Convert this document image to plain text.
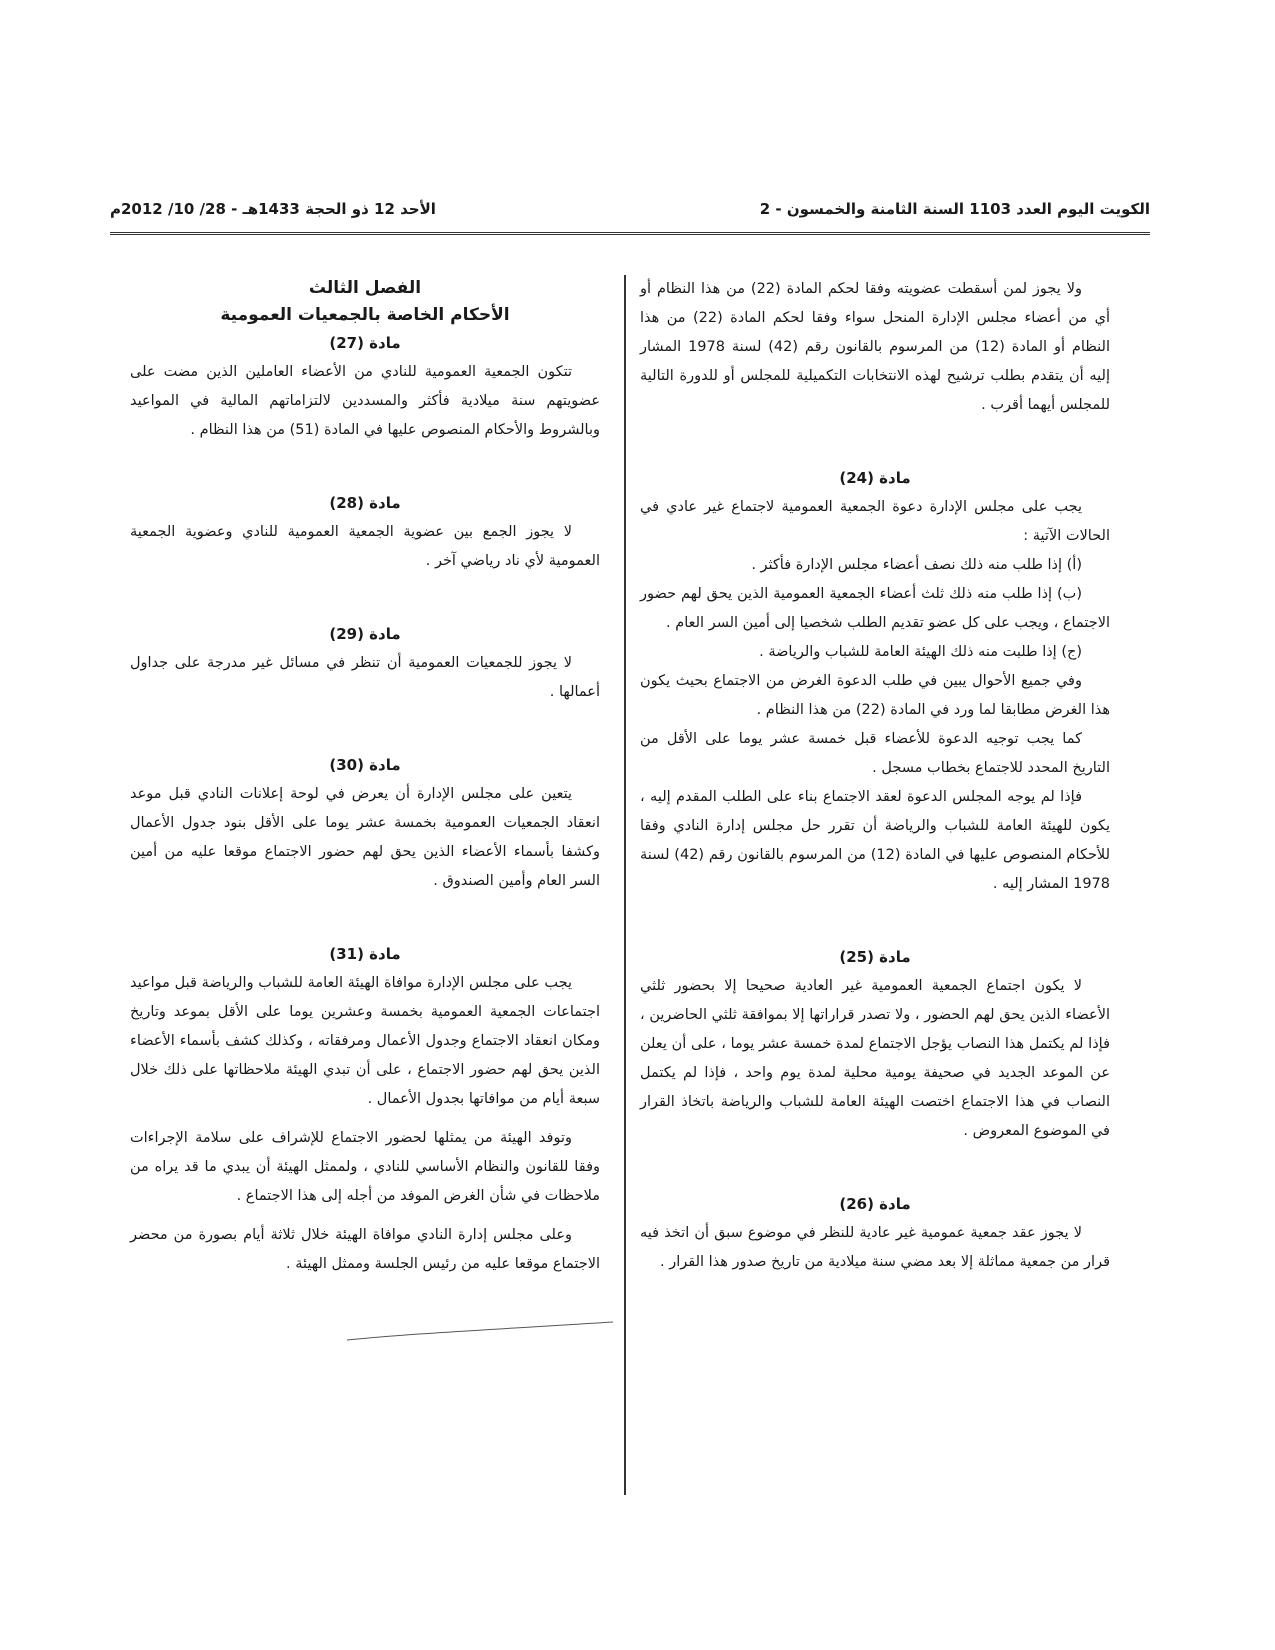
الكويت اليوم العدد 1103 السنة الثامنة والخمسون - 2
الأحد 12 ذو الحجة 1433هـ - 28/ 10/ 2012م

ولا يجوز لمن أسقطت عضويته وفقا لحكم المادة (22) من هذا النظام أو أي من أعضاء مجلس الإدارة المنحل سواء وفقا لحكم المادة (22) من هذا النظام أو المادة (12) من المرسوم بالقانون رقم (42) لسنة 1978 المشار إليه أن يتقدم بطلب ترشيح لهذه الانتخابات التكميلية للمجلس أو للدورة التالية للمجلس أيهما أقرب .

مادة (24)

يجب على مجلس الإدارة دعوة الجمعية العمومية لاجتماع غير عادي في الحالات الآتية :

(أ) إذا طلب منه ذلك نصف أعضاء مجلس الإدارة فأكثر .

(ب) إذا طلب منه ذلك ثلث أعضاء الجمعية العمومية الذين يحق لهم حضور الاجتماع ، ويجب على كل عضو تقديم الطلب شخصيا إلى أمين السر العام .

(ج) إذا طلبت منه ذلك الهيئة العامة للشباب والرياضة .

وفي جميع الأحوال يبين في طلب الدعوة الغرض من الاجتماع بحيث يكون هذا الغرض مطابقا لما ورد في المادة (22) من هذا النظام .

كما يجب توجيه الدعوة للأعضاء قبل خمسة عشر يوما على الأقل من التاريخ المحدد للاجتماع بخطاب مسجل .

فإذا لم يوجه المجلس الدعوة لعقد الاجتماع بناء على الطلب المقدم إليه ، يكون للهيئة العامة للشباب والرياضة أن تقرر حل مجلس إدارة النادي وفقا للأحكام المنصوص عليها في المادة (12) من المرسوم بالقانون رقم (42) لسنة 1978 المشار إليه .

مادة (25)

لا يكون اجتماع الجمعية العمومية غير العادية صحيحا إلا بحضور ثلثي الأعضاء الذين يحق لهم الحضور ، ولا تصدر قراراتها إلا بموافقة ثلثي الحاضرين ، فإذا لم يكتمل هذا النصاب يؤجل الاجتماع لمدة خمسة عشر يوما ، على أن يعلن عن الموعد الجديد في صحيفة يومية محلية لمدة يوم واحد ، فإذا لم يكتمل النصاب في هذا الاجتماع اختصت الهيئة العامة للشباب والرياضة باتخاذ القرار في الموضوع المعروض .

مادة (26)

لا يجوز عقد جمعية عمومية غير عادية للنظر في موضوع سبق أن اتخذ فيه قرار من جمعية مماثلة إلا بعد مضي سنة ميلادية من تاريخ صدور هذا القرار .

الفصل الثالث

الأحكام الخاصة بالجمعيات العمومية

مادة (27)

تتكون الجمعية العمومية للنادي من الأعضاء العاملين الذين مضت على عضويتهم سنة ميلادية فأكثر والمسددين لالتزاماتهم المالية في المواعيد وبالشروط والأحكام المنصوص عليها في المادة (51) من هذا النظام .

مادة (28)

لا يجوز الجمع بين عضوية الجمعية العمومية للنادي وعضوية الجمعية العمومية لأي ناد رياضي آخر .

مادة (29)

لا يجوز للجمعيات العمومية أن تنظر في مسائل غير مدرجة على جداول أعمالها .

مادة (30)

يتعين على مجلس الإدارة أن يعرض في لوحة إعلانات النادي قبل موعد انعقاد الجمعيات العمومية بخمسة عشر يوما على الأقل بنود جدول الأعمال وكشفا بأسماء الأعضاء الذين يحق لهم حضور الاجتماع موقعا عليه من أمين السر العام وأمين الصندوق .

مادة (31)

يجب على مجلس الإدارة موافاة الهيئة العامة للشباب والرياضة قبل مواعيد اجتماعات الجمعية العمومية بخمسة وعشرين يوما على الأقل بموعد وتاريخ ومكان انعقاد الاجتماع وجدول الأعمال ومرفقاته ، وكذلك كشف بأسماء الأعضاء الذين يحق لهم حضور الاجتماع ، على أن تبدي الهيئة ملاحظاتها على ذلك خلال سبعة أيام من موافاتها بجدول الأعمال .

وتوفد الهيئة من يمثلها لحضور الاجتماع للإشراف على سلامة الإجراءات وفقا للقانون والنظام الأساسي للنادي ، ولممثل الهيئة أن يبدي ما قد يراه من ملاحظات في شأن الغرض الموفد من أجله إلى هذا الاجتماع .

وعلى مجلس إدارة النادي موافاة الهيئة خلال ثلاثة أيام بصورة من محضر الاجتماع موقعا عليه من رئيس الجلسة وممثل الهيئة .
